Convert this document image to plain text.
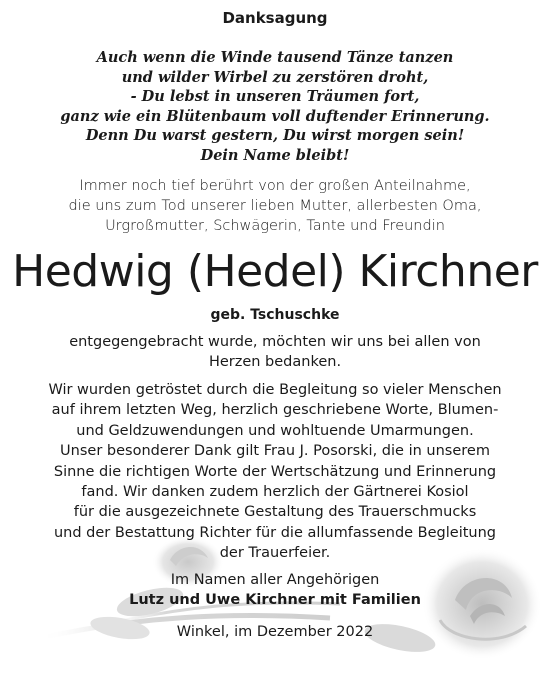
Danksagung
Auch wenn die Winde tausend Tänze tanzen
und wilder Wirbel zu zerstören droht,
- Du lebst in unseren Träumen fort,
ganz wie ein Blütenbaum voll duftender Erinnerung.
Denn Du warst gestern, Du wirst morgen sein!
Dein Name bleibt!
Immer noch tief berührt von der großen Anteilnahme,
die uns zum Tod unserer lieben Mutter, allerbesten Oma,
Urgroßmutter, Schwägerin, Tante und Freundin
Hedwig (Hedel) Kirchner
geb. Tschuschke
entgegengebracht wurde, möchten wir uns bei allen von
Herzen bedanken.
Wir wurden getröstet durch die Begleitung so vieler Menschen
auf ihrem letzten Weg, herzlich geschriebene Worte, Blumen-
und Geldzuwendungen und wohltuende Umarmungen.
Unser besonderer Dank gilt Frau J. Posorski, die in unserem
Sinne die richtigen Worte der Wertschätzung und Erinnerung
fand. Wir danken zudem herzlich der Gärtnerei Kosiol
für die ausgezeichnete Gestaltung des Trauerschmucks
und der Bestattung Richter für die allumfassende Begleitung
der Trauerfeier.
Im Namen aller Angehörigen
Lutz und Uwe Kirchner mit Familien
Winkel, im Dezember 2022
